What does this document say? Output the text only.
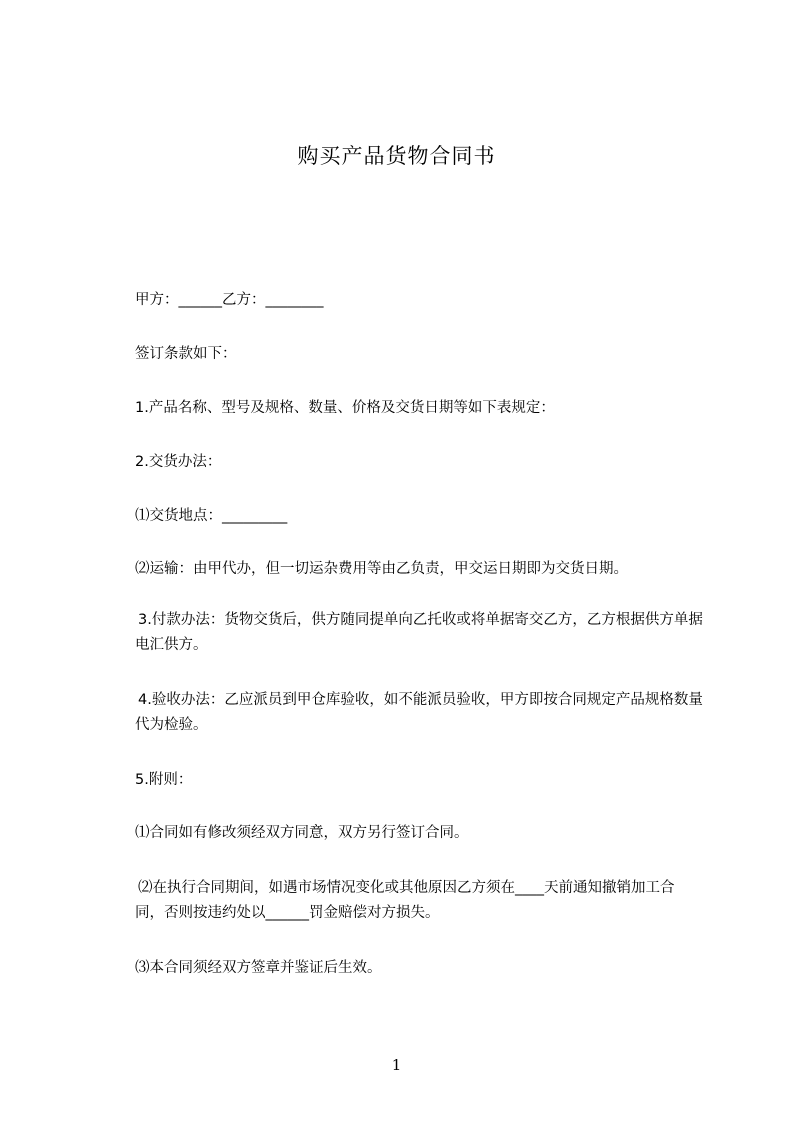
购买产品货物合同书
甲方：______乙方：________
签订条款如下：
1.产品名称、型号及规格、数量、价格及交货日期等如下表规定：
2.交货办法：
⑴交货地点：_________
⑵运输：由甲代办，但一切运杂费用等由乙负责，甲交运日期即为交货日期。
3.付款办法：货物交货后，供方随同提单向乙托收或将单据寄交乙方，乙方根据供方单据电汇供方。
4.验收办法：乙应派员到甲仓库验收，如不能派员验收，甲方即按合同规定产品规格数量代为检验。
5.附则：
⑴合同如有修改须经双方同意，双方另行签订合同。
⑵在执行合同期间，如遇市场情况变化或其他原因乙方须在____天前通知撤销加工合同，否则按违约处以______罚金赔偿对方损失。
⑶本合同须经双方签章并鉴证后生效。
1
